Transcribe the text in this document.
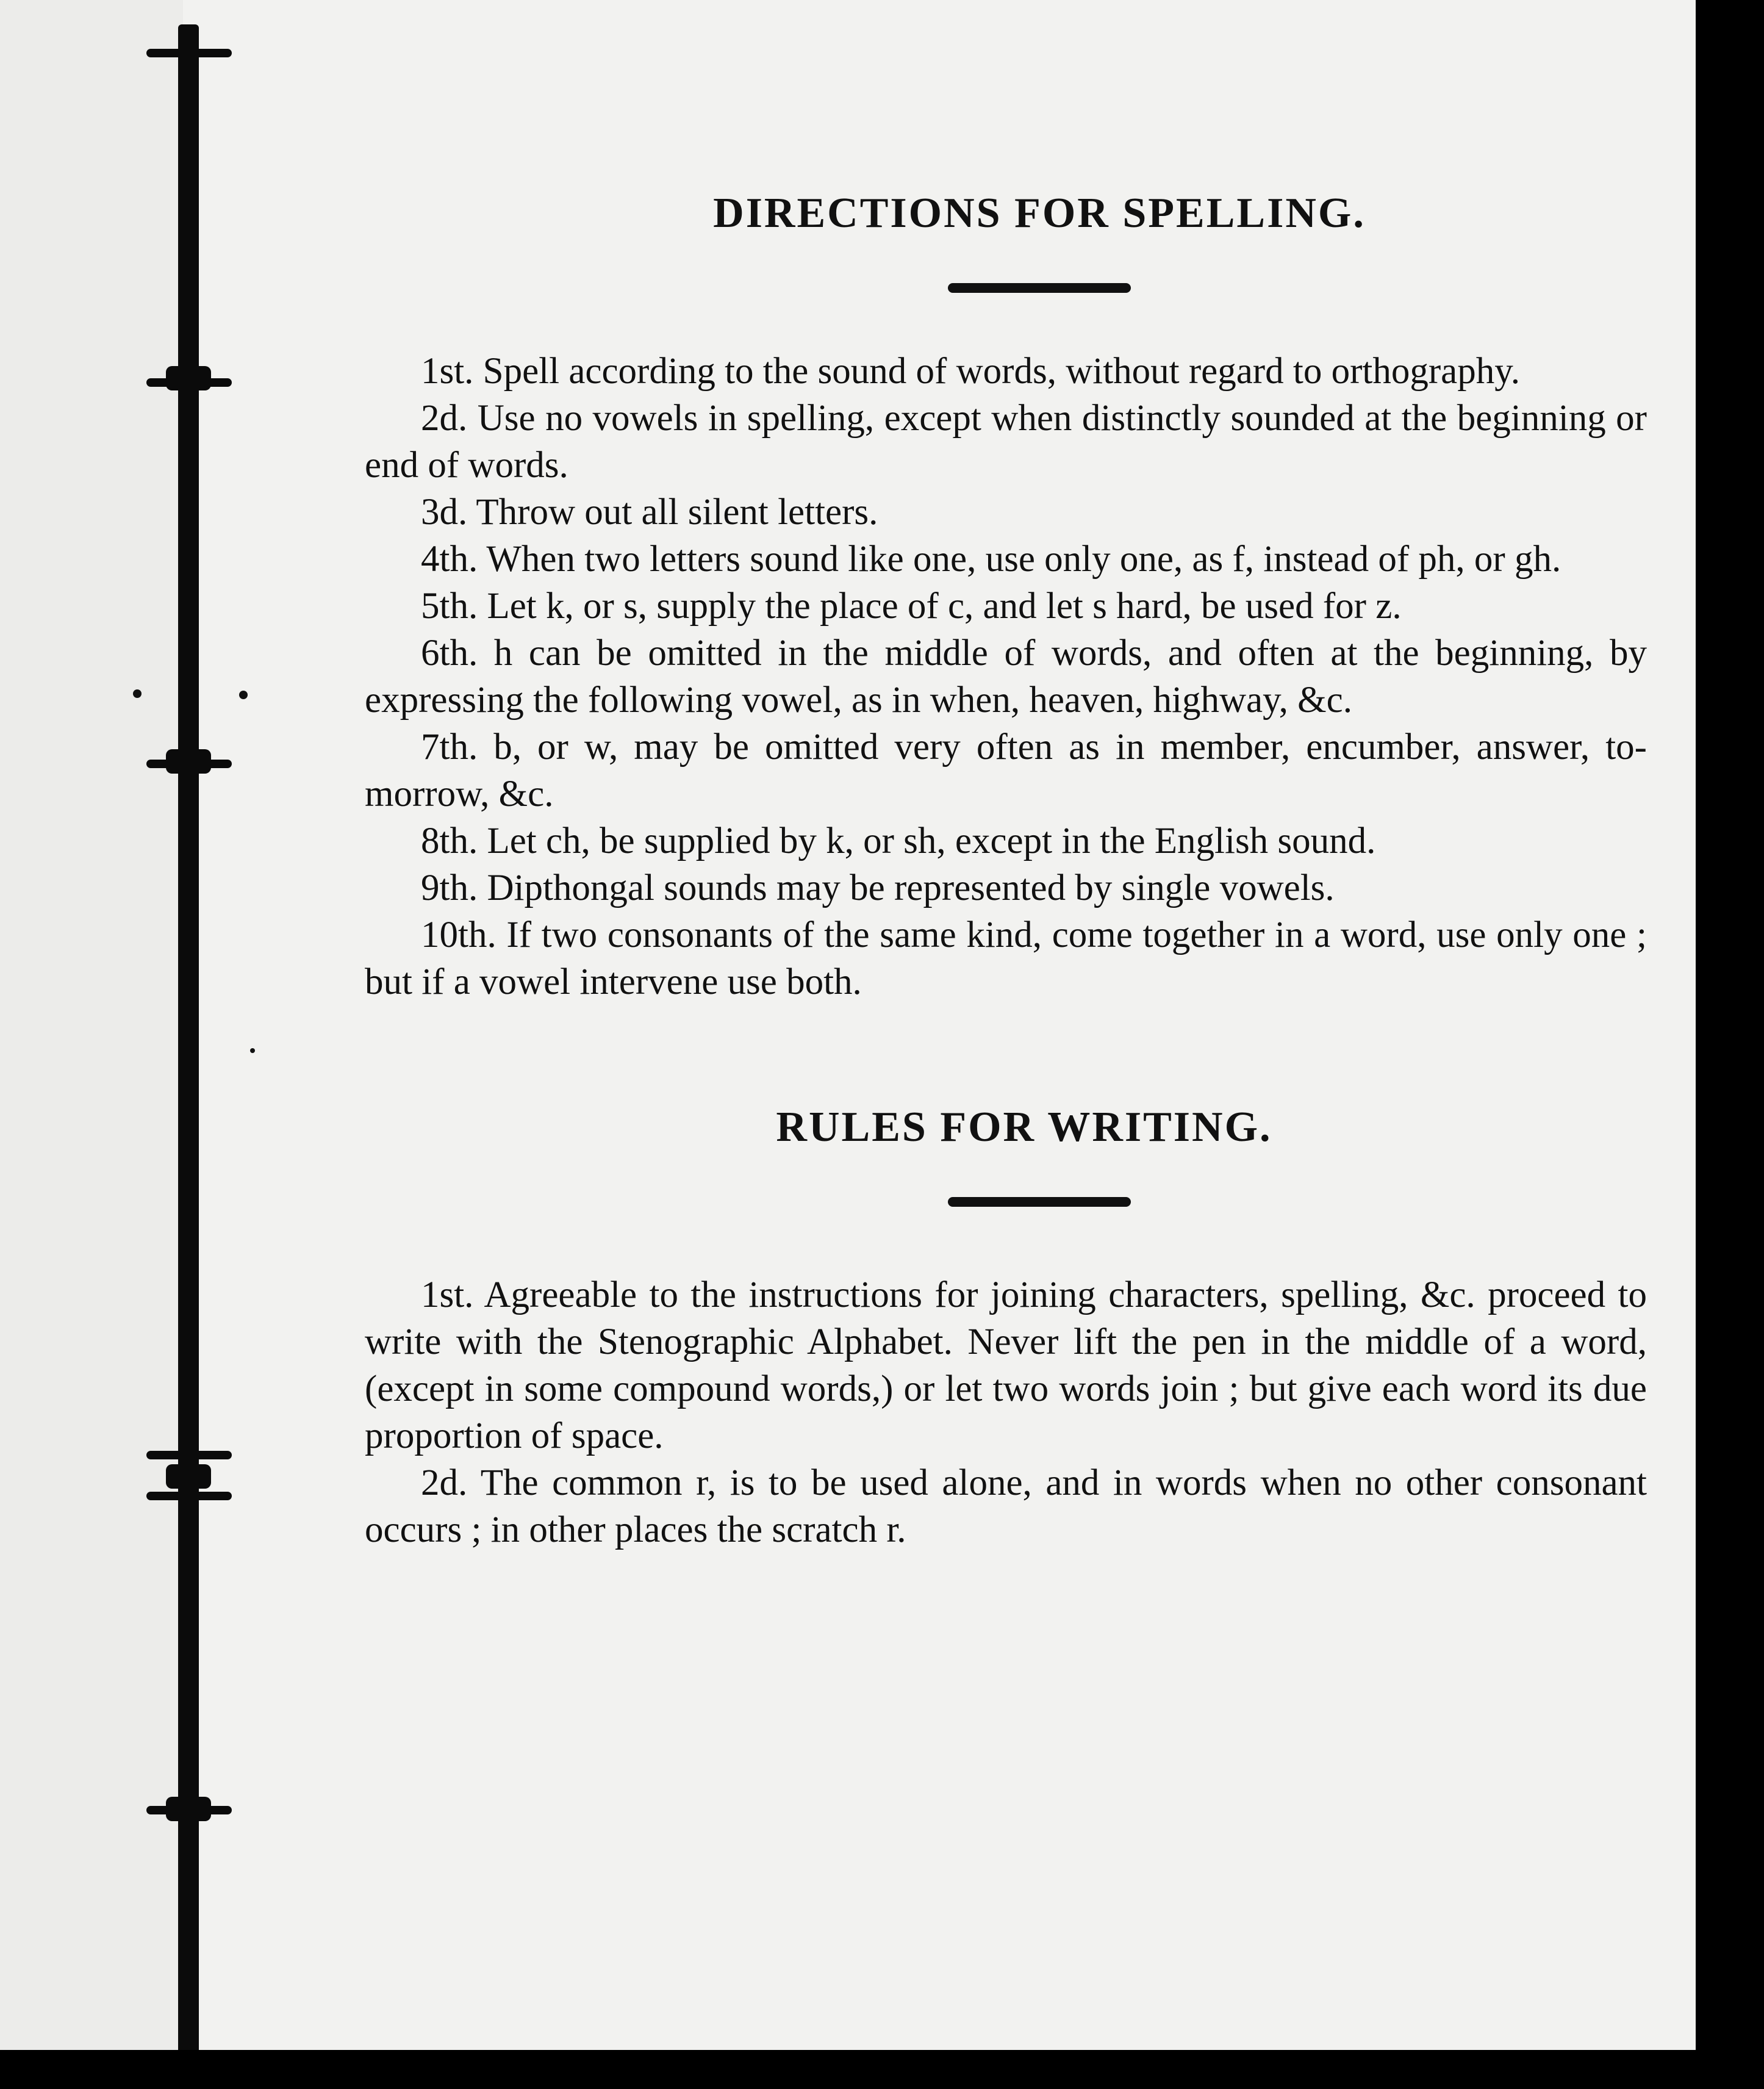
DIRECTIONS FOR SPELLING.
1st. Spell according to the sound of words, without regard to orthography.
2d. Use no vowels in spelling, except when distinctly sounded at the beginning or end of words.
3d. Throw out all silent letters.
4th. When two letters sound like one, use only one, as f, instead of ph, or gh.
5th. Let k, or s, supply the place of c, and let s hard, be used for z.
6th. h can be omitted in the middle of words, and often at the beginning, by expressing the following vowel, as in when, heaven, highway, &c.
7th. b, or w, may be omitted very often as in member, encumber, answer, to-morrow, &c.
8th. Let ch, be supplied by k, or sh, except in the English sound.
9th. Dipthongal sounds may be represented by single vowels.
10th. If two consonants of the same kind, come together in a word, use only one ; but if a vowel intervene use both.
RULES FOR WRITING.
1st. Agreeable to the instructions for joining characters, spelling, &c. proceed to write with the Stenographic Alphabet. Never lift the pen in the middle of a word, (except in some compound words,) or let two words join ; but give each word its due proportion of space.
2d. The common r, is to be used alone, and in words when no other consonant occurs ; in other places the scratch r.
